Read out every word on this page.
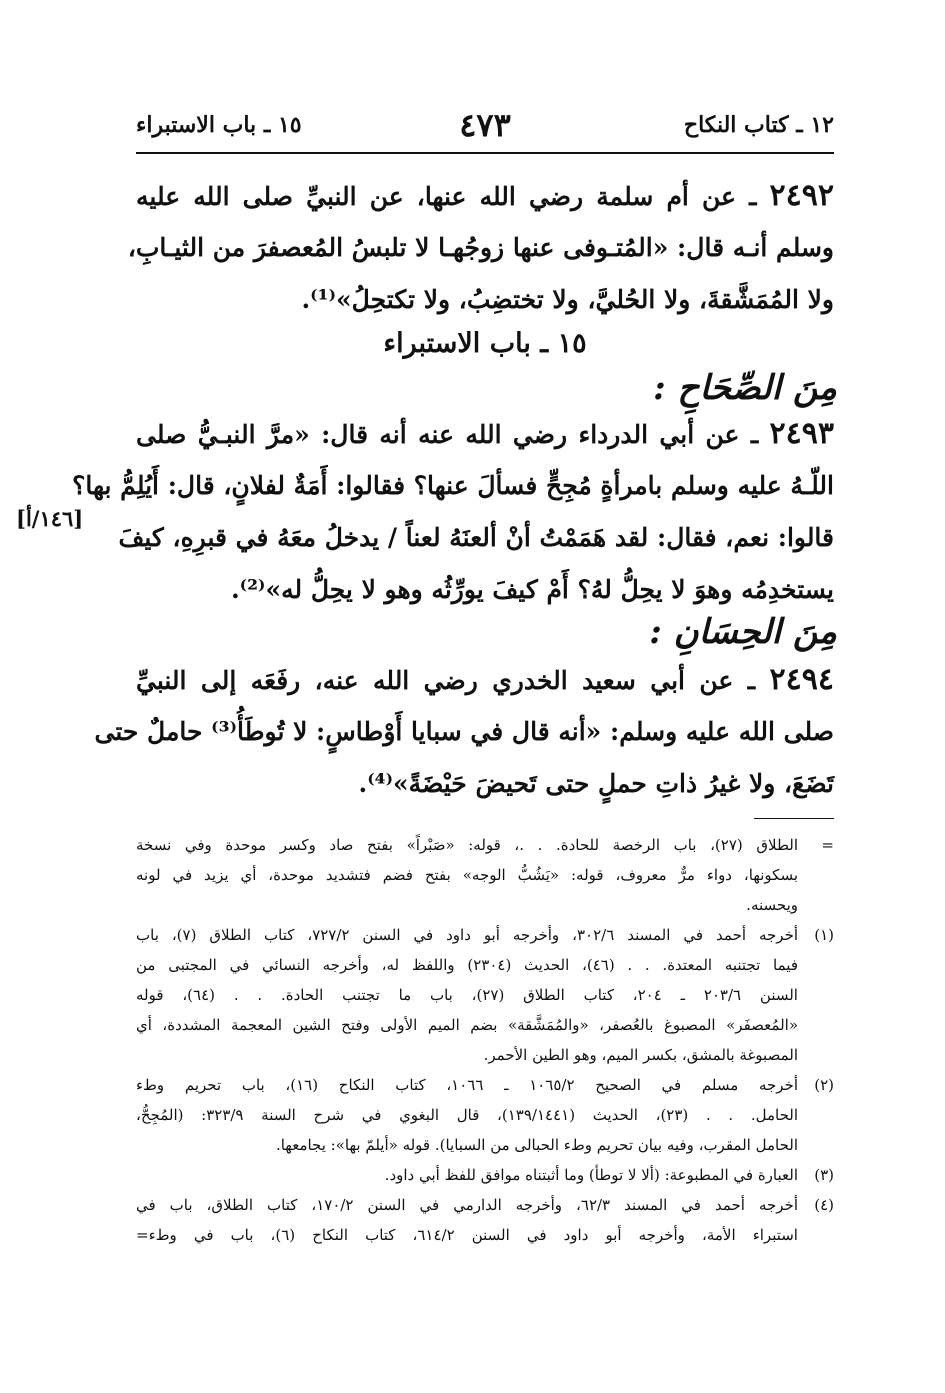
١٢ ـ كتاب النكاح
٤٧٣
١٥ ـ باب الاستبراء
٢٤٩٢ ـ عن أم سلمة رضي الله عنها، عن النبيِّ صلى الله عليه
وسلم أنـه قال: «المُتـوفى عنها زوجُهـا لا تلبسُ المُعصفرَ من الثيـابِ،
ولا المُمَشَّقةَ، ولا الحُليَّ، ولا تختضِبُ، ولا تكتحِلُ»⁽¹⁾.
١٥ ـ باب الاستبراء
مِنَ الصِّحَاحِ :
٢٤٩٣ ـ عن أبي الدرداء رضي الله عنه أنه قال: «مرَّ النبـيُّ صلى
اللّـهُ عليه وسلم بامرأةٍ مُجِحٍّ فسألَ عنها؟ فقالوا: أَمَةٌ لفلانٍ، قال: أَيُلِمُّ بها؟
قالوا: نعم، فقال: لقد هَمَمْتُ أنْ ألعنَهُ لعناً / يدخلُ معَهُ في قبرِهِ، كيفَ
يستخدِمُه وهوَ لا يحِلُّ لهُ؟ أَمْ كيفَ يورِّثُه وهو لا يحِلُّ له»⁽²⁾.
[١٤٦/أ]
مِنَ الحِسَانِ :
٢٤٩٤ ـ عن أبي سعيد الخدري رضي الله عنه، رفَعَه إلى النبيِّ
صلى الله عليه وسلم: «أنه قال في سبايا أَوْطاسٍ: لا تُوطَأُ⁽³⁾ حاملٌ حتى
تَضَعَ، ولا غيرُ ذاتِ حملٍ حتى تَحيضَ حَيْضَةً»⁽⁴⁾.
=الطلاق (٢٧)، باب الرخصة للحادة. . .، قوله: «صَبْراً» بفتح صاد وكسر موحدة وفي نسخة
بسكونها، دواء مرٌّ معروف، قوله: «يَشُبُّ الوجه» بفتح فضم فتشديد موحدة، أي يزيد في لونه
ويحسنه.
(١)أخرجه أحمد في المسند ٣٠٢/٦، وأخرجه أبو داود في السنن ٧٢٧/٢، كتاب الطلاق (٧)، باب
فيما تجتنبه المعتدة. . . (٤٦)، الحديث (٢٣٠٤) واللفظ له، وأخرجه النسائي في المجتبى من
السنن ٢٠٣/٦ ـ ٢٠٤، كتاب الطلاق (٢٧)، باب ما تجتنب الحادة. . . (٦٤)، قوله
«المُعصفَر» المصبوغ بالعُصفر، «والمُمَشَّقة» بضم الميم الأولى وفتح الشين المعجمة المشددة، أي
المصبوغة بالمشق، بكسر الميم، وهو الطين الأحمر.
(٢)أخرجه مسلم في الصحيح ١٠٦٥/٢ ـ ١٠٦٦، كتاب النكاح (١٦)، باب تحريم وطء
الحامل. . . (٢٣)، الحديث (١٣٩/١٤٤١)، قال البغوي في شرح السنة ٣٢٣/٩: (المُجِحُّ،
الحامل المقرب، وفيه بيان تحريم وطء الحبالى من السبايا). قوله «أيلمّ بها»: يجامعها.
(٣)العبارة في المطبوعة: (ألا لا توطأ) وما أثبتناه موافق للفظ أبي داود.
(٤)أخرجه أحمد في المسند ٦٢/٣، وأخرجه الدارمي في السنن ١٧٠/٢، كتاب الطلاق، باب في
استبراء الأمة، وأخرجه أبو داود في السنن ٦١٤/٢، كتاب النكاح (٦)، باب في وطء=
